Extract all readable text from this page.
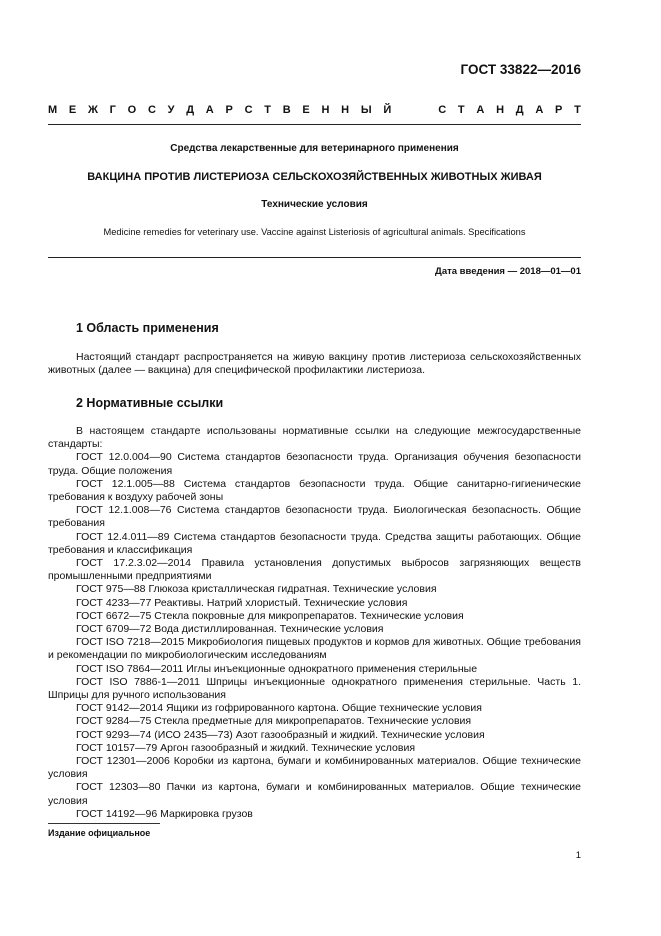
ГОСТ 33822—2016
М Е Ж Г О С У Д А Р С Т В Е Н Н Ы Й	С Т А Н Д А Р Т
Средства лекарственные для ветеринарного применения
ВАКЦИНА ПРОТИВ ЛИСТЕРИОЗА СЕЛЬСКОХОЗЯЙСТВЕННЫХ ЖИВОТНЫХ ЖИВАЯ
Технические условия
Medicine remedies for veterinary use. Vaccine against Listeriosis of agricultural animals. Specifications
Дата введения — 2018—01—01
1 Область применения

Настоящий стандарт распространяется на живую вакцину против листериоза сельскохозяйственных животных (далее — вакцина) для специфической профилактики листериоза.

2 Нормативные ссылки

В настоящем стандарте использованы нормативные ссылки на следующие межгосударственные стандарты:

ГОСТ 12.0.004—90 Система стандартов безопасности труда. Организация обучения безопасности труда. Общие положения

ГОСТ 12.1.005—88 Система стандартов безопасности труда. Общие санитарно-гигиенические требования к воздуху рабочей зоны

ГОСТ 12.1.008—76 Система стандартов безопасности труда. Биологическая безопасность. Общие требования

ГОСТ 12.4.011—89 Система стандартов безопасности труда. Средства защиты работающих. Общие требования и классификация

ГОСТ 17.2.3.02—2014 Правила установления допустимых выбросов загрязняющих веществ промышленными предприятиями

ГОСТ 975—88 Глюкоза кристаллическая гидратная. Технические условия

ГОСТ 4233—77 Реактивы. Натрий хлористый. Технические условия

ГОСТ 6672—75 Стекла покровные для микропрепаратов. Технические условия

ГОСТ 6709—72 Вода дистиллированная. Технические условия

ГОСТ ISO 7218—2015 Микробиология пищевых продуктов и кормов для животных. Общие требования и рекомендации по микробиологическим исследованиям

ГОСТ ISO 7864—2011 Иглы инъекционные однократного применения стерильные

ГОСТ ISO 7886-1—2011 Шприцы инъекционные однократного применения стерильные. Часть 1. Шприцы для ручного использования

ГОСТ 9142—2014 Ящики из гофрированного картона. Общие технические условия

ГОСТ 9284—75 Стекла предметные для микропрепаратов. Технические условия

ГОСТ 9293—74 (ИСО 2435—73) Азот газообразный и жидкий. Технические условия

ГОСТ 10157—79 Аргон газообразный и жидкий. Технические условия

ГОСТ 12301—2006 Коробки из картона, бумаги и комбинированных материалов. Общие технические условия

ГОСТ 12303—80 Пачки из картона, бумаги и комбинированных материалов. Общие технические условия

ГОСТ 14192—96 Маркировка грузов

Издание официальное
1
